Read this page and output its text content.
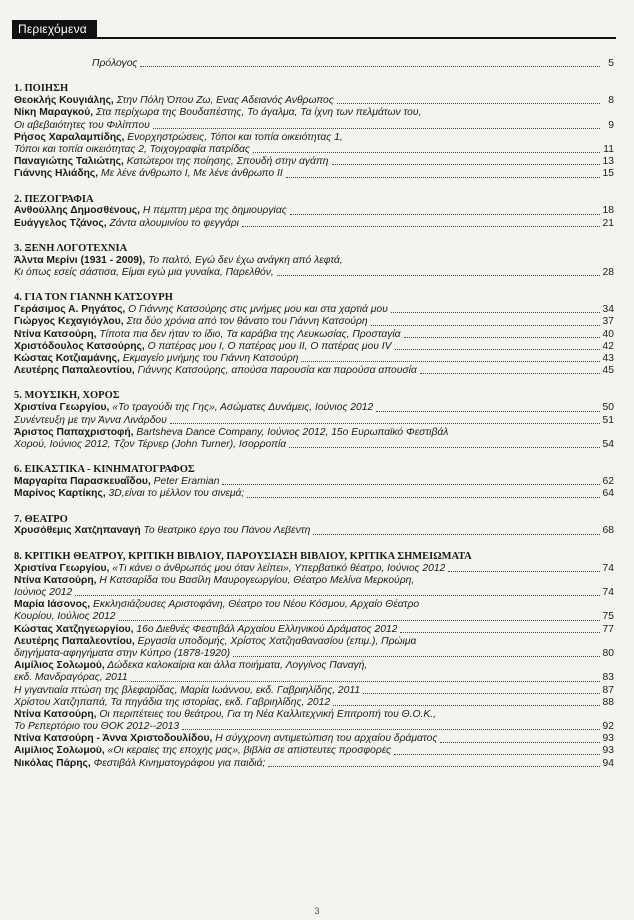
Περιεχόμενα
Πρόλογος	5
1. ΠΟΙΗΣΗ
Θεοκλής Κουγιάλης, Στην Πόλη Όπου Ζω, Ενας Αδειανός Ανθρωπος	8
Νίκη Μαραγκού, Στα περίχωρα της Βουδαπέστης, Το άγαλμα, Τα ίχνη των πελμάτων του,
Οι αβεβαιότητες του Φιλίππου	9
Ρήσος Χαραλαμπίδης, Ενορχηστρώσεις, Τόποι και τοπία οικειότητας 1,
Τόποι και τοπία οικειότητας 2, Τοιχογραφία πατρίδας	11
Παναγιώτης Ταλιώτης, Κατώτεροι της ποίησης, Σπουδή στην αγάπη	13
Γιάννης Ηλιάδης, Με λένε άνθρωπο I, Με λένε άνθρωπο II	15
2. ΠΕΖΟΓΡΑΦΙΑ
Ανθούλλης Δημοσθένους, Η πέμπτη μέρα της δημιουργίας	18
Ευάγγελος Τζάνος, Ζάντα αλουμινίου το φεγγάρι	21
3. ΞΕΝΗ ΛΟΓΟΤΕΧΝΙΑ
Άλντα Μερίνι (1931 - 2009), Το παλτό, Εγώ δεν έχω ανάγκη από λεφτά,
Κι όπως εσείς σάστισα, Είμαι εγώ μια γυναίκα, Παρελθόν,	28
4. ΓΙΑ ΤΟΝ ΓΙΑΝΝΗ ΚΑΤΣΟΥΡΗ
Γεράσιμος Α. Ρηγάτος, Ο Γιάννης Κατσούρης στις μνήμες μου και στα χαρτιά μου	34
Γιώργος Κεχαγιόγλου, Στα δύο χρόνια από τον θάνατο του Γιάννη Κατσούρη	37
Ντίνα Κατσούρη, Τίποτα πια δεν ήταν το ίδιο, Τα καράβια της Λευκωσίας, Προσταγία	40
Χριστόδουλος Κατσούρης, Ο πατέρας μου I, Ο πατέρας μου II, Ο πατέρας μου IV	42
Κώστας Κοτζιαμάνης, Εκμαγείο μνήμης του Γιάννη Κατσούρη	43
Λευτέρης Παπαλεοντίου, Γιάννης Κατσούρης, απούσα παρουσία και παρούσα απουσία	45
5. ΜΟΥΣΙΚΗ, ΧΟΡΟΣ
Χριστίνα Γεωργίου, «Το τραγούδι της Γης», Ασώματες Δυνάμεις, Ιούνιος 2012	50
Συνέντευξη με την Άννα Λινάρδου	51
Άριστος Παπαχριστοφή, Bartsheva Dance Company, Ιούνιος 2012, 15ο Ευρωπαϊκό Φεστιβάλ
Χορού, Ιούνιος 2012, Τζον Τέρνερ (John Turner), Ισορροπία	54
6. ΕΙΚΑΣΤΙΚΑ - ΚΙΝΗΜΑΤΟΓΡΑΦΟΣ
Μαργαρίτα Παρασκευαΐδου, Peter Eramian	62
Μαρίνος Καρτίκης, 3D,είναι το μέλλον του σινεμά;	64
7. ΘΕΑΤΡΟ
Χρυσόθεμις Χατζηπαναγή Το θεατρικό έργο του Πάνου Λεβέντη	68
8. ΚΡΙΤΙΚΗ ΘΕΑΤΡΟΥ, ΚΡΙΤΙΚΗ ΒΙΒΛΙΟΥ, ΠΑΡΟΥΣΙΑΣΗ ΒΙΒΛΙΟΥ, ΚΡΙΤΙΚΑ ΣΗΜΕΙΩΜΑΤΑ
Χριστίνα Γεωργίου, «Τι κάνει ο άνθρωπός μου όταν λείπει», Υπερβατικό θέατρο, Ιούνιος 2012	74
Ντίνα Κατσούρη, Η Κατσαρίδα του Βασίλη Μαυρογεωργίου, Θέατρο Μελίνα Μερκούρη,
Ιούνιος 2012	74
Μαρία Ιάσονος, Εκκλησιάζουσες Αριστοφάνη, Θέατρο του Νέου Κόσμου, Αρχαίο Θέατρο
Κουρίου, Ιούλιος 2012	75
Κώστας Χατζηγεωργίου, 16ο Διεθνές Φεστιβάλ Αρχαίου Ελληνικού Δράματος 2012	77
Λευτέρης Παπαλεοντίου, Εργασία υποδομής, Χρίστος Χατζηαθανασίου (επιμ.), Πρώιμα
διηγήματα-αφηγήματα στην Κύπρο (1878-1920)	80
Αιμίλιος Σολωμού, Δώδεκα καλοκαίρια και άλλα ποιήματα, Λογγίνος Παναγή,
εκδ. Μανδραγόρας, 2011	83
Η γιγαντιαία πτώση της βλεφαρίδας, Μαρία Ιωάννου, εκδ. Γαβριηλίδης, 2011	87
Χρίστου Χατζηπαπά, Τα πηγάδια της ιστορίας, εκδ. Γαβριηλίδης, 2012	88
Ντίνα Κατσούρη, Οι περιπέτειες του θεάτρου, Για τη Νέα Καλλιτεχνική Επιτροπή του Θ.Ο.Κ.,
Το Ρεπερτόριο του ΘΟΚ 2012--2013	92
Ντίνα Κατσούρη - Άννα Χριστοδουλίδου, Η σύγχρονη αντιμετώπιση του αρχαίου δράματος	93
Αιμίλιος Σολωμού, «Οι κεραίες της εποχής μας», βιβλία σε απίστευτες προσφορές	93
Νικόλας Πάρης, Φεστιβάλ Κινηματογράφου για παιδιά;	94
3
